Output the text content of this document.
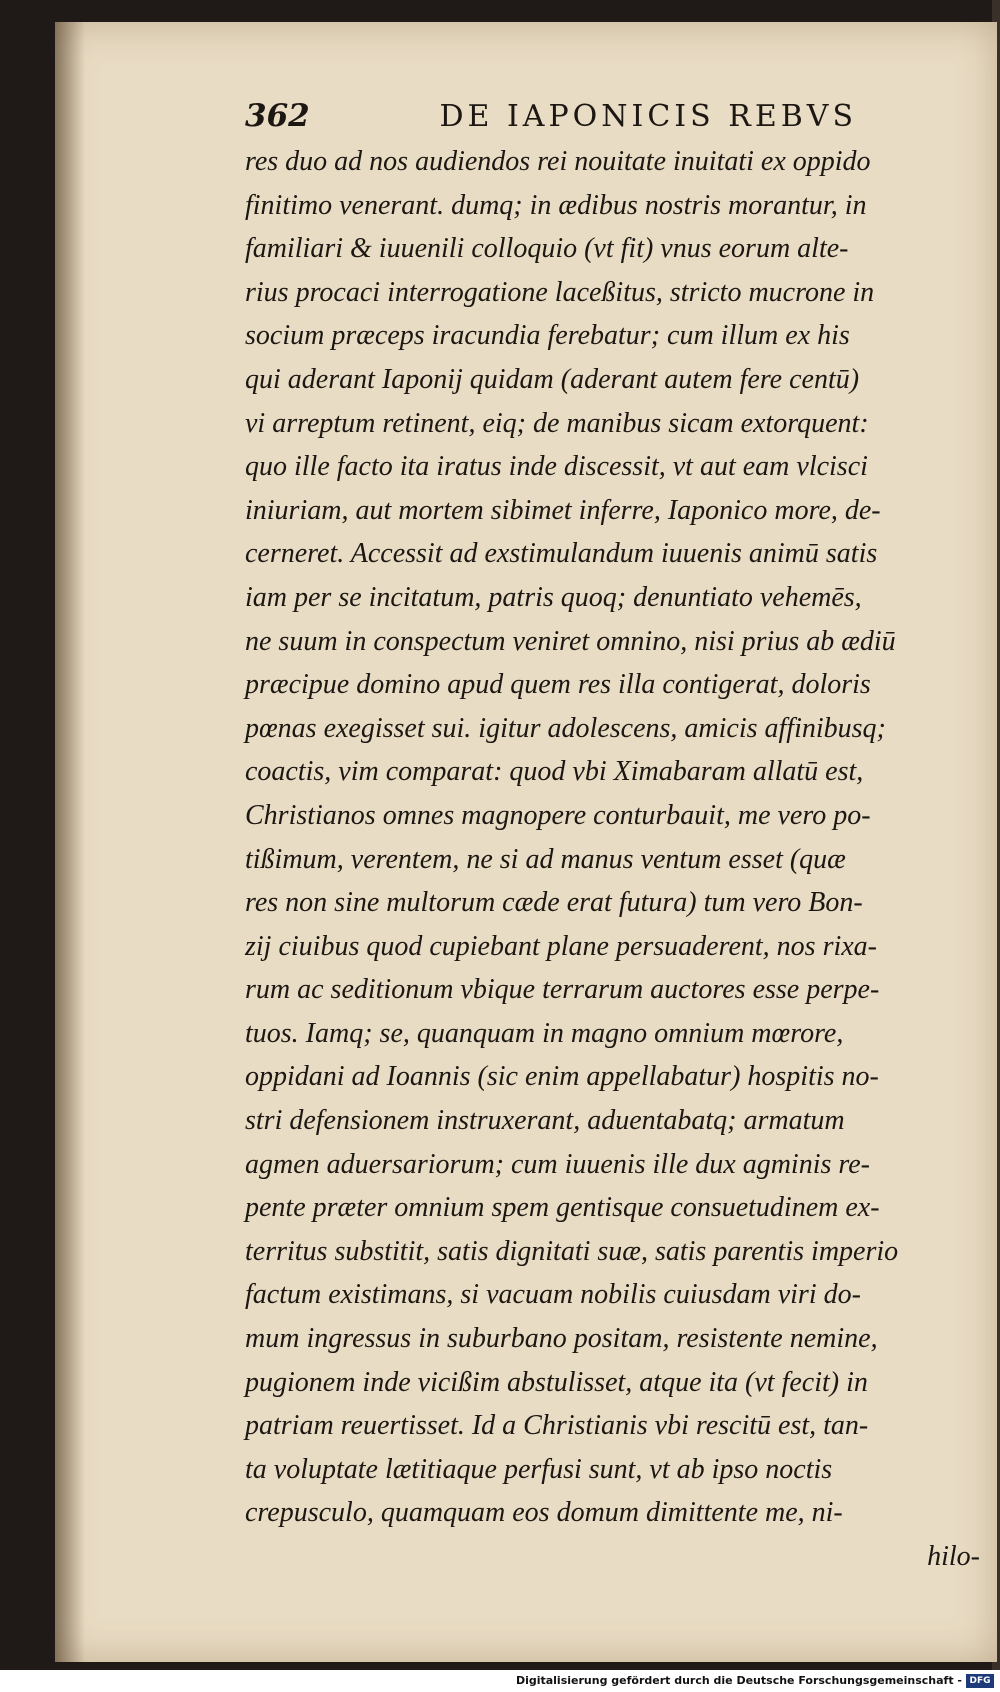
362	DE IAPONICIS REBVS
res duo ad nos audiendos rei nouitate inuitati ex oppido
finitimo venerant. dumq; in ædibus nostris morantur, in
familiari & iuuenili colloquio (vt fit) vnus eorum alte-
rius procaci interrogatione laceßitus, stricto mucrone in
socium præceps iracundia ferebatur; cum illum ex his
qui aderant Iaponij quidam (aderant autem fere centū)
vi arreptum retinent, eiq; de manibus sicam extorquent:
quo ille facto ita iratus inde discessit, vt aut eam vlcisci
iniuriam, aut mortem sibimet inferre, Iaponico more, de-
cerneret. Accessit ad exstimulandum iuuenis animū satis
iam per se incitatum, patris quoq; denuntiato vehemēs,
ne suum in conspectum veniret omnino, nisi prius ab ædiū
præcipue domino apud quem res illa contigerat, doloris
pœnas exegisset sui. igitur adolescens, amicis affinibusq;
coactis, vim comparat: quod vbi Ximabaram allatū est,
Christianos omnes magnopere conturbauit, me vero po-
tißimum, verentem, ne si ad manus ventum esset (quæ
res non sine multorum cæde erat futura) tum vero Bon-
zij ciuibus quod cupiebant plane persuaderent, nos rixa-
rum ac seditionum vbique terrarum auctores esse perpe-
tuos. Iamq; se, quanquam in magno omnium mœrore,
oppidani ad Ioannis (sic enim appellabatur) hospitis no-
stri defensionem instruxerant, aduentabatq; armatum
agmen aduersariorum; cum iuuenis ille dux agminis re-
pente præter omnium spem gentisque consuetudinem ex-
territus substitit, satis dignitati suæ, satis parentis imperio
factum existimans, si vacuam nobilis cuiusdam viri do-
mum ingressus in suburbano positam, resistente nemine,
pugionem inde vicißim abstulisset, atque ita (vt fecit) in
patriam reuertisset. Id a Christianis vbi rescitū est, tan-
ta voluptate lætitiaque perfusi sunt, vt ab ipso noctis
crepusculo, quamquam eos domum dimittente me, ni-
hilo-
Digitalisierung gefördert durch die Deutsche Forschungsgemeinschaft - DFG
